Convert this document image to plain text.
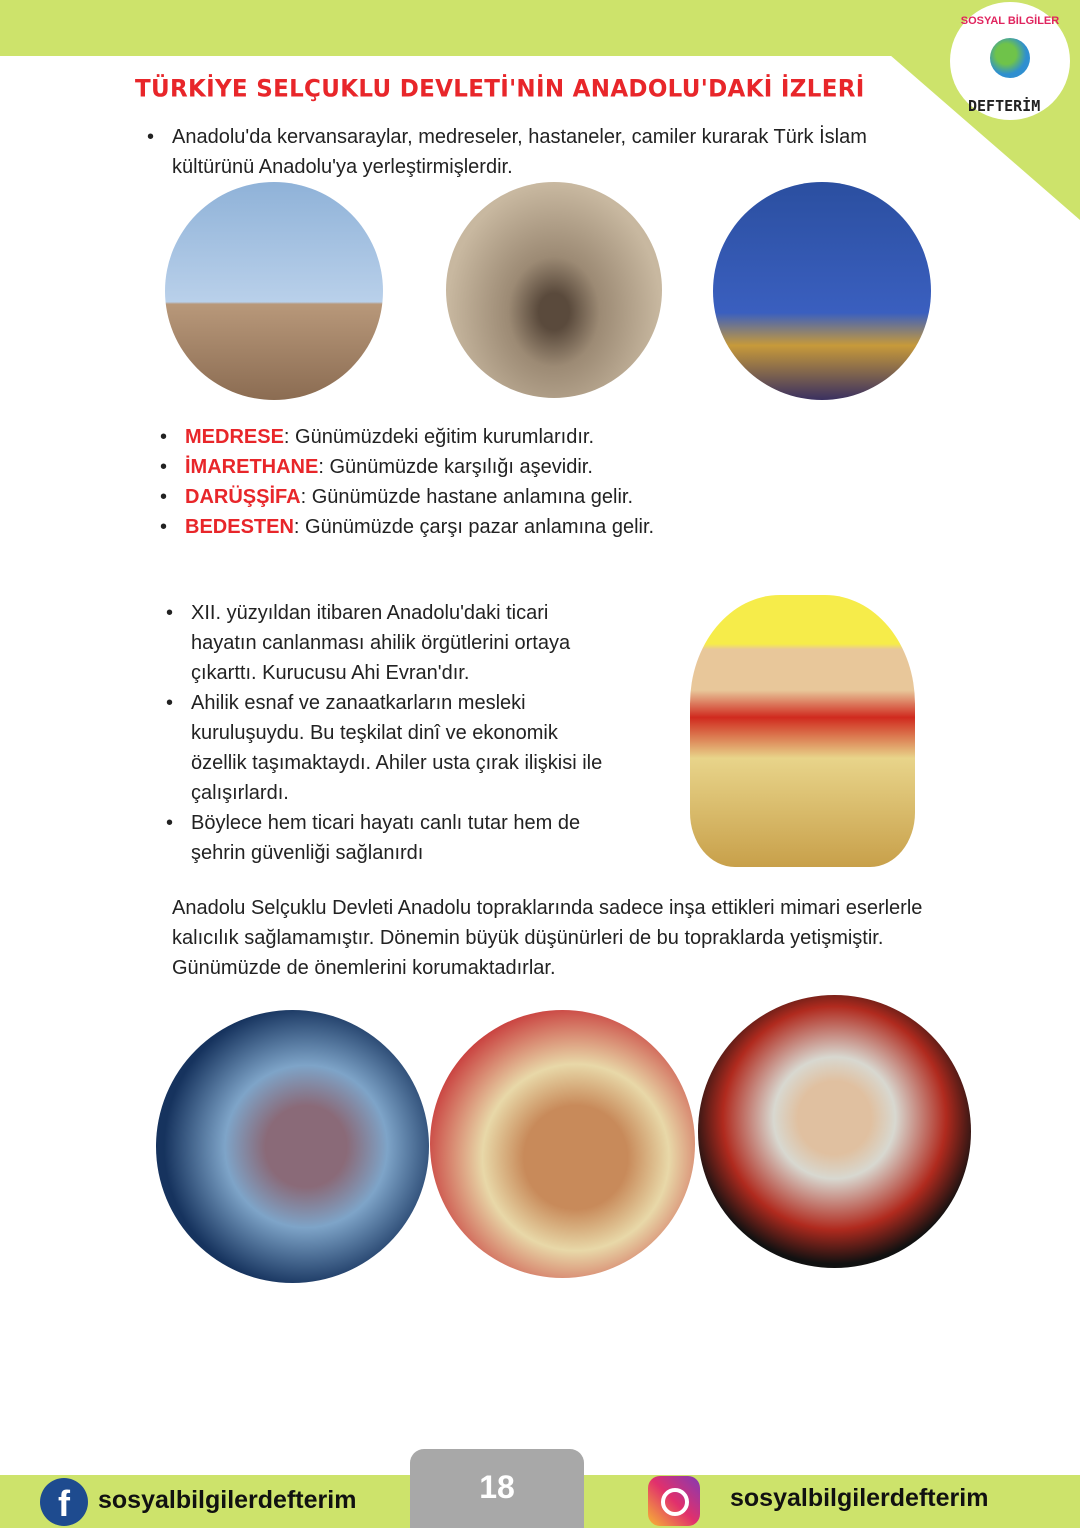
SOSYAL BİLGİLER
DEFTERİM
TÜRKİYE SELÇUKLU DEVLETİ'NİN ANADOLU'DAKİ İZLERİ
• Anadolu'da kervansaraylar, medreseler, hastaneler, camiler kurarak Türk İslam kültürünü Anadolu'ya yerleştirmişlerdir.
• MEDRESE: Günümüzdeki eğitim kurumlarıdır.
• İMARETHANE: Günümüzde karşılığı aşevidir.
• DARÜŞŞİFA: Günümüzde hastane anlamına gelir.
• BEDESTEN: Günümüzde çarşı pazar anlamına gelir.
• XII. yüzyıldan itibaren Anadolu'daki ticari hayatın canlanması ahilik örgütlerini ortaya çıkarttı. Kurucusu Ahi Evran'dır.
• Ahilik esnaf ve zanaatkarların mesleki kuruluşuydu. Bu teşkilat dinî ve ekonomik özellik taşımaktaydı. Ahiler usta çırak ilişkisi ile çalışırlardı.
• Böylece hem ticari hayatı canlı tutar hem de şehrin güvenliği sağlanırdı
Anadolu Selçuklu Devleti Anadolu topraklarında sadece inşa ettikleri mimari eserlerle kalıcılık sağlamamıştır. Dönemin büyük düşünürleri de bu topraklarda yetişmiştir. Günümüzde de önemlerini korumaktadırlar.
f	sosyalbilgilerdefterim	18	sosyalbilgilerdefterim
